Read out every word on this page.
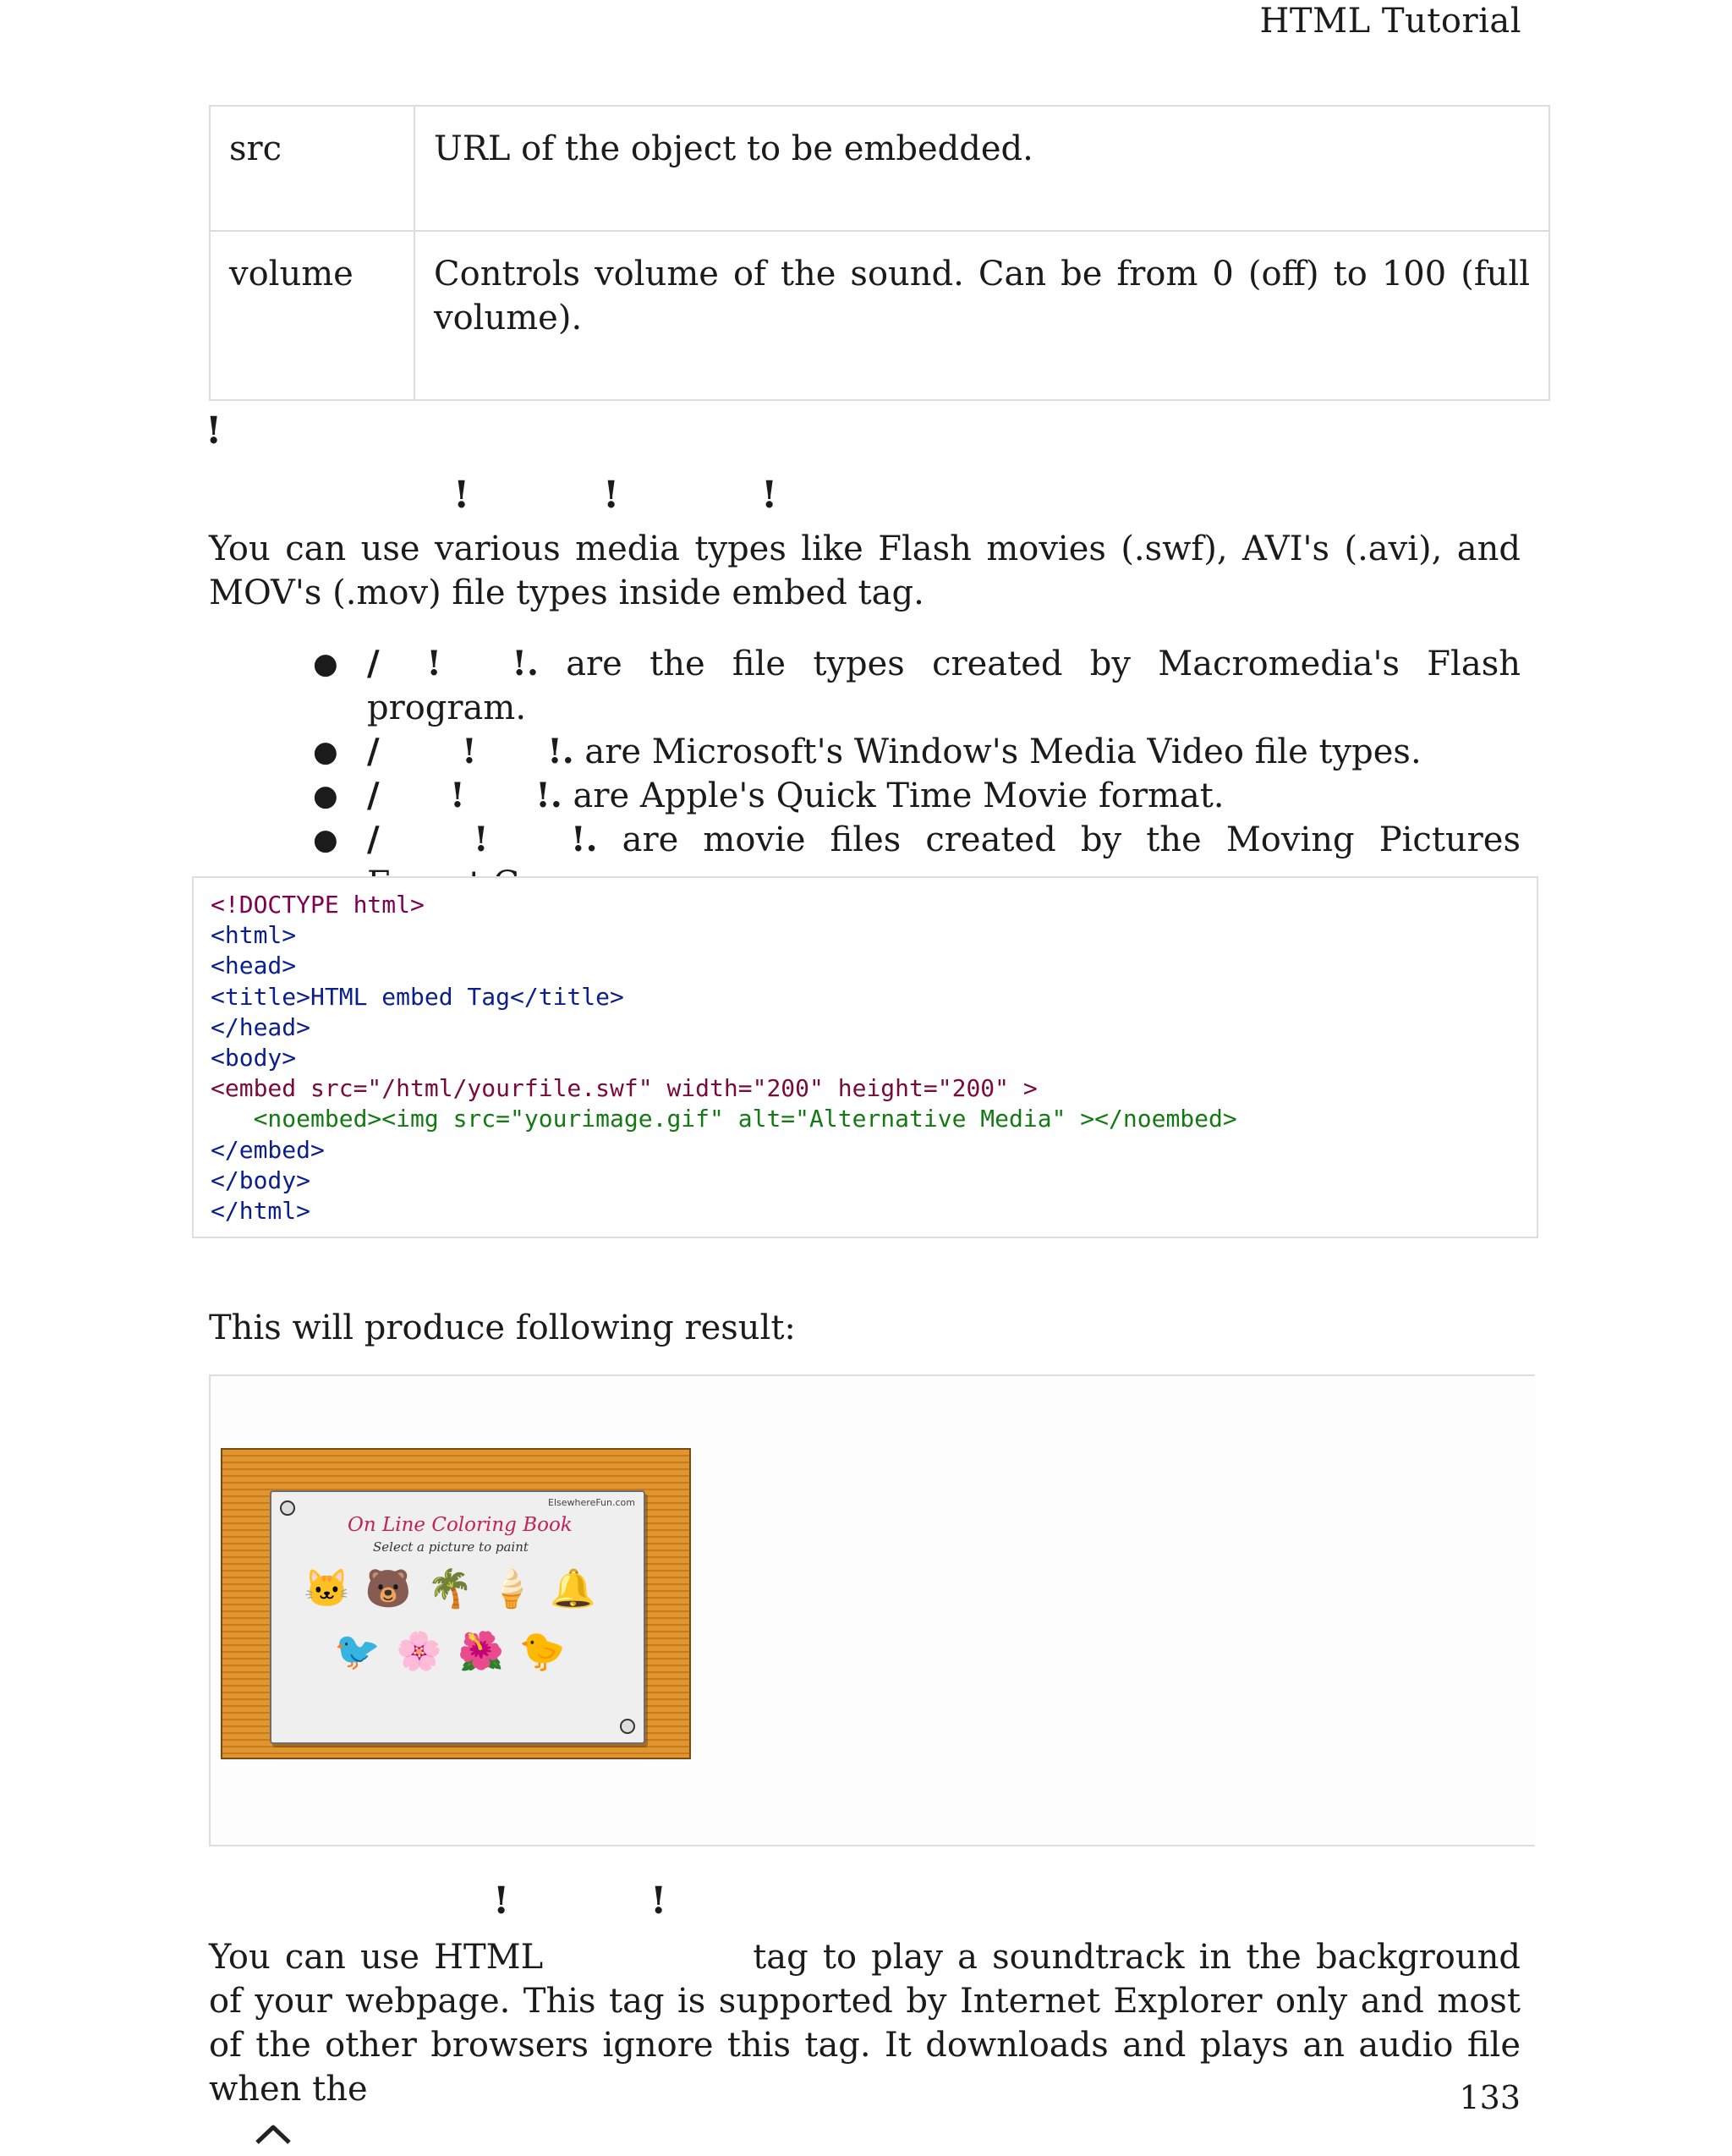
HTML Tutorial
src	URL of the object to be embedded.
volume	Controls volume of the sound. Can be from 0 (off) to 100 (full volume).
!
!	!	!
You can use various media types like Flash movies (.swf), AVI's (.avi), and MOV's (.mov) file types inside embed tag.
● /    !      !. are the file types created by Macromedia's Flash program.
● /       !      !. are Microsoft's Window's Media Video file types.
● /      !      !. are Apple's Quick Time Movie format.
● /        !       !. are movie files created by the Moving Pictures
<!DOCTYPE html>
<html>
<head>
<title>HTML embed Tag</title>
</head>
<body>
<embed src="/html/yourfile.swf" width="200" height="200" >
<noembed><img src="yourimage.gif" alt="Alternative Media" ></noembed>
</embed>
</body>
</html>
This will produce following result:
ElsewhereFun.com
On Line Coloring Book
Select a picture to paint
🐱🐻🌴🍦🔔
🐦🌸🌺🐤
!	!
You can use HTML	tag to play a soundtrack in the background of your webpage. This tag is supported by Internet Explorer only and most of the other browsers ignore this tag. It downloads and plays an audio file when the	133
